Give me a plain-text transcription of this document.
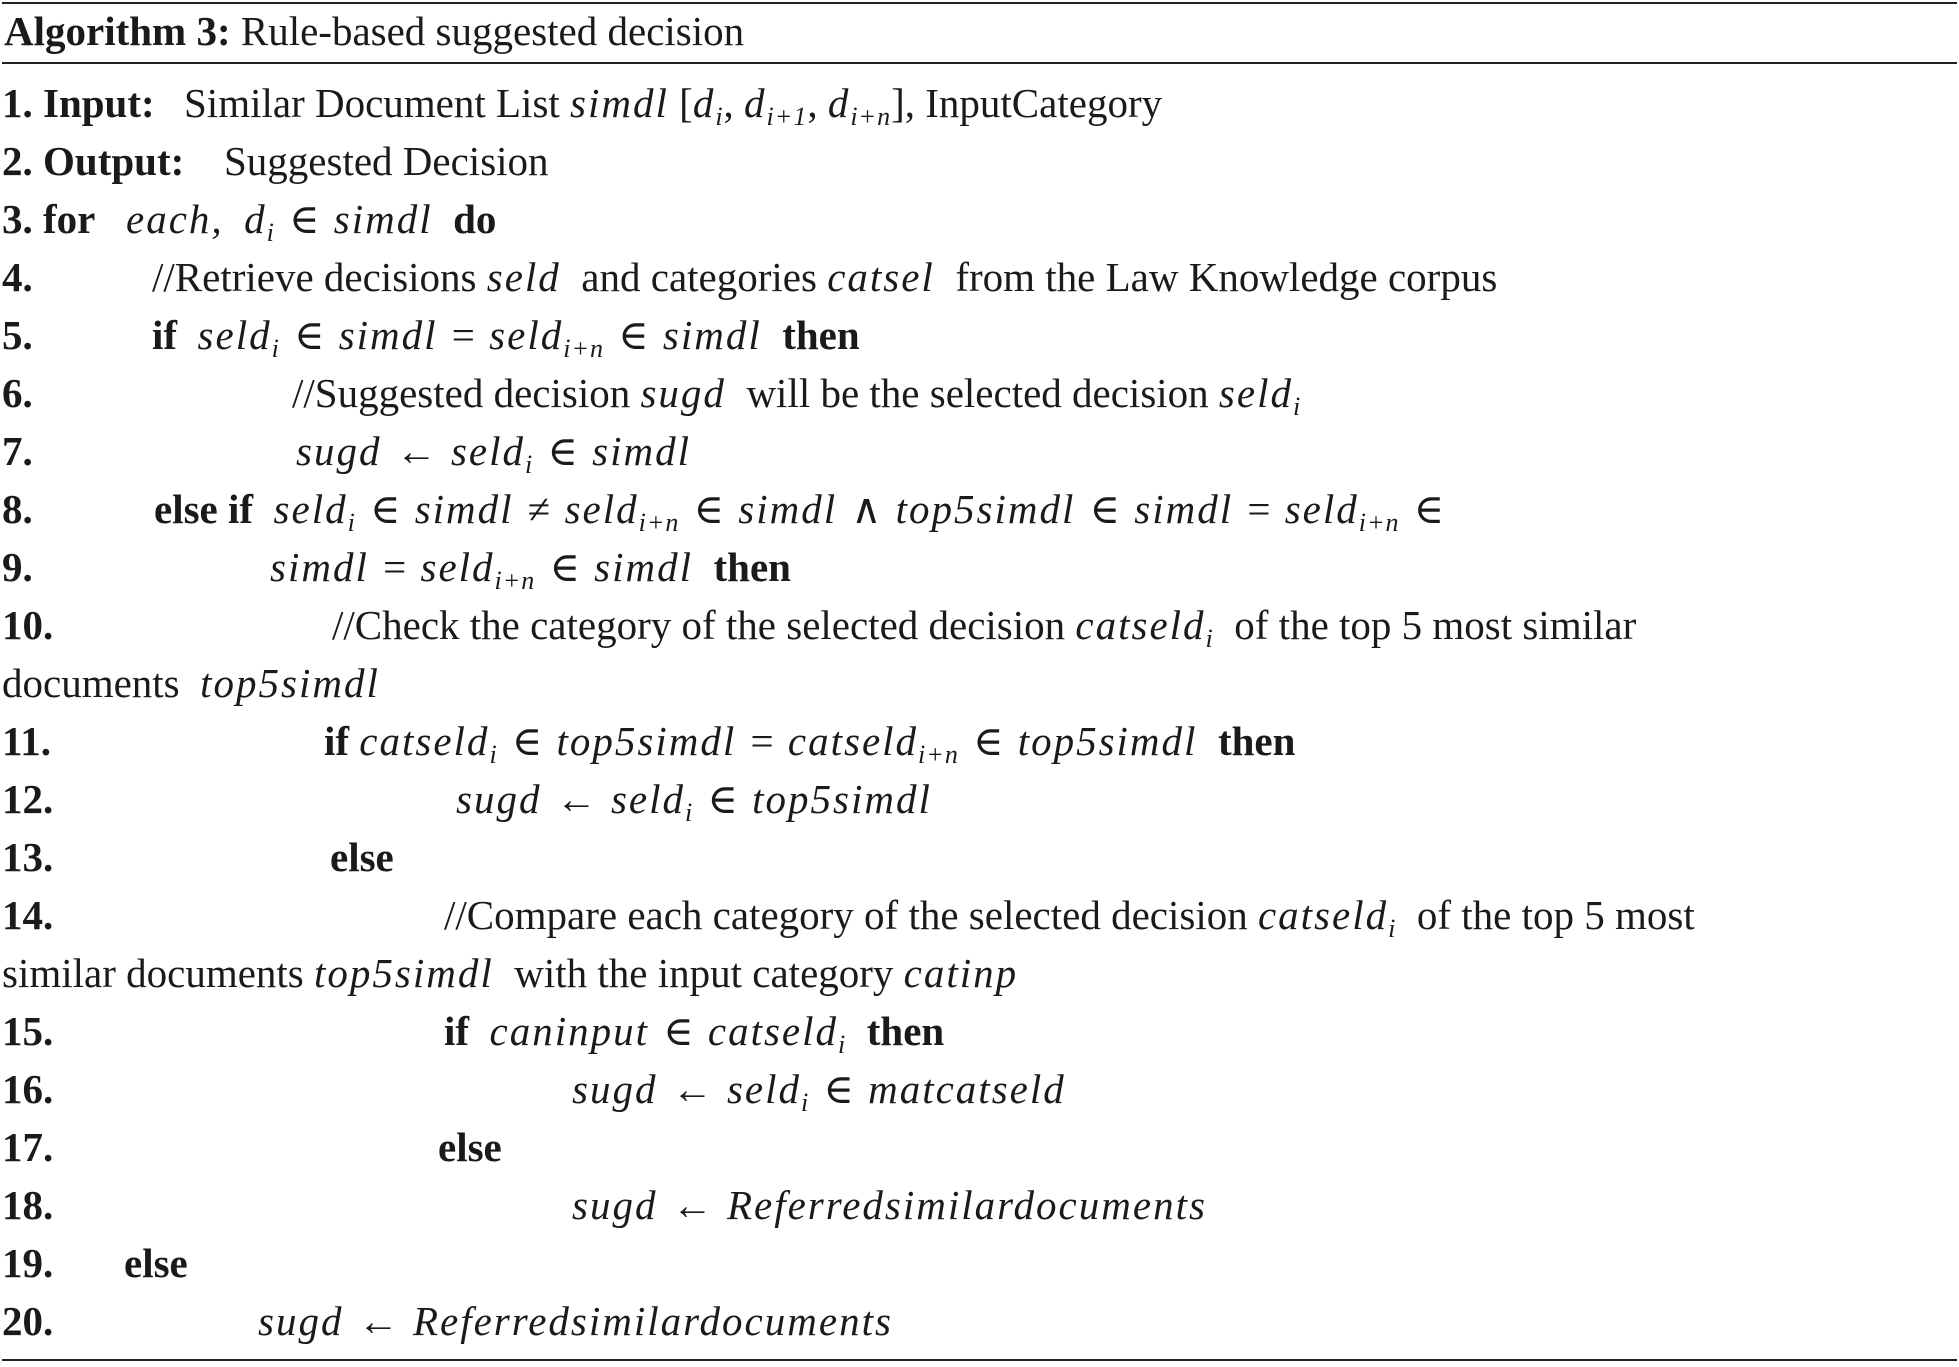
Algorithm 3: Rule-based suggested decision
1. Input: Similar Document List simdl [$d_i$, $d_{i+1}$, $d_{i+n}$], InputCategory
2. Output: Suggested Decision
3. for each, $d_i$ ∈ simdl do
4.	//Retrieve decisions seld and categories catsel from the Law Knowledge corpus
5.	if seld$_i$ ∈ simdl = seld$_{i+n}$ ∈ simdl then
6.	//Suggested decision sugd will be the selected decision seld$_i$
7.	sugd ← seld$_i$ ∈ simdl
8.	else if seld$_i$ ∈ simdl ≠ seld$_{i+n}$ ∈ simdl ∧ top5simdl ∈ simdl = seld$_{i+n}$ ∈
9.	simdl = seld$_{i+n}$ ∈ simdl then
10.	//Check the category of the selected decision catseld$_i$ of the top 5 most similar
documents top5simdl
11.	if catseld$_i$ ∈ top5simdl = catseld$_{i+n}$ ∈ top5simdl then
12.	sugd ← seld$_i$ ∈ top5simdl
13.	else
14.	//Compare each category of the selected decision catseld$_i$ of the top 5 most
similar documents top5simdl with the input category catinp
15.	if caninput ∈ catseld$_i$ then
16.	sugd ← seld$_i$ ∈ matcatseld
17.	else
18.	sugd ← Referredsimilardocuments
19. else
20.	sugd ← Referredsimilardocuments
